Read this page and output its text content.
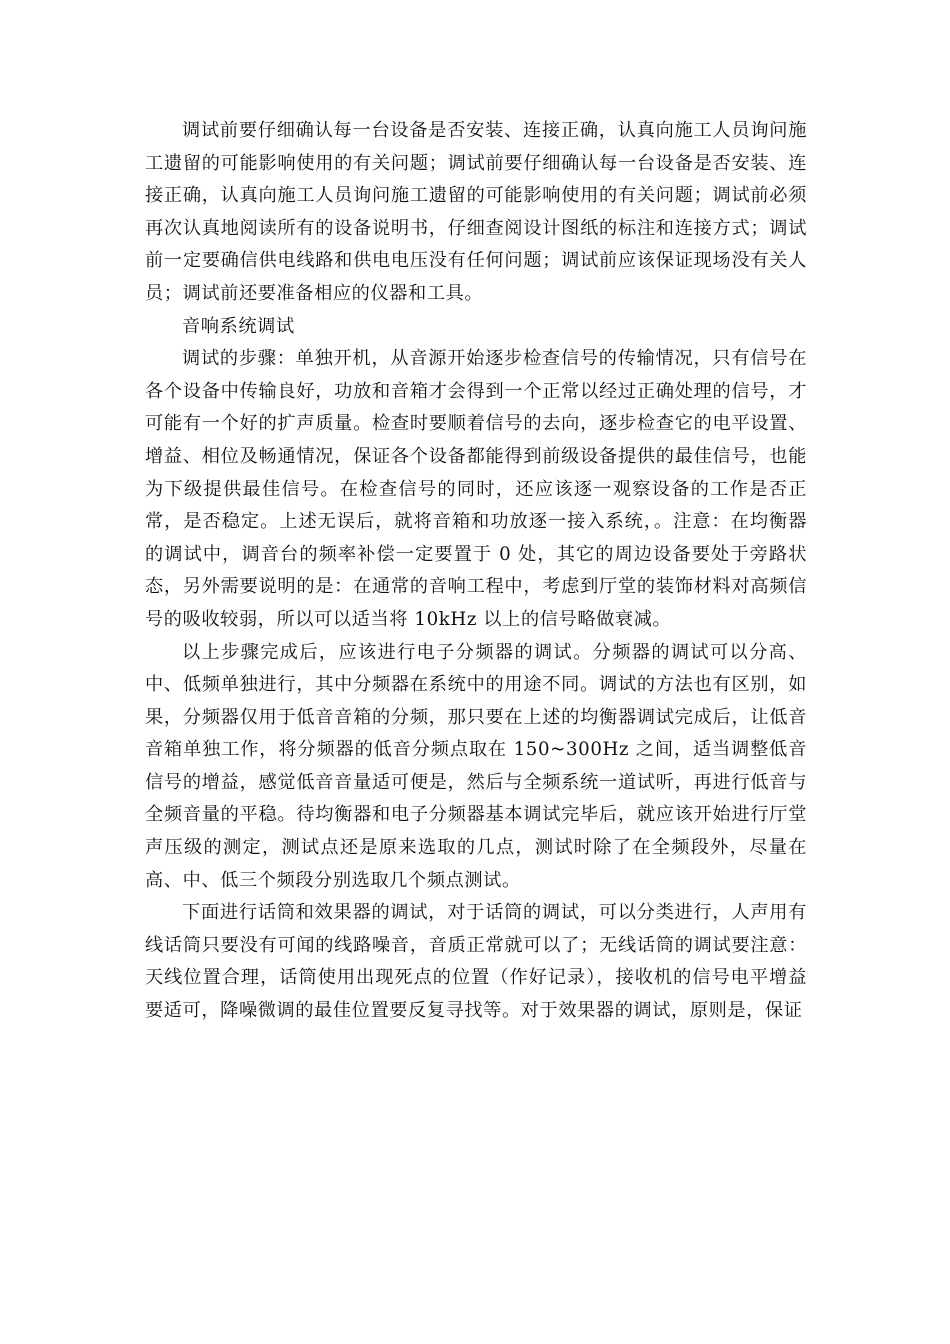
调试前要仔细确认每一台设备是否安装、连接正确，认真向施工人员询问施工遗留的可能影响使用的有关问题；调试前要仔细确认每一台设备是否安装、连接正确，认真向施工人员询问施工遗留的可能影响使用的有关问题；调试前必须再次认真地阅读所有的设备说明书，仔细查阅设计图纸的标注和连接方式；调试前一定要确信供电线路和供电电压没有任何问题；调试前应该保证现场没有关人员；调试前还要准备相应的仪器和工具。

音响系统调试

调试的步骤：单独开机，从音源开始逐步检查信号的传输情况，只有信号在各个设备中传输良好，功放和音箱才会得到一个正常以经过正确处理的信号，才可能有一个好的扩声质量。检查时要顺着信号的去向，逐步检查它的电平设置、增益、相位及畅通情况，保证各个设备都能得到前级设备提供的最佳信号，也能为下级提供最佳信号。在检查信号的同时，还应该逐一观察设备的工作是否正常，是否稳定。上述无误后，就将音箱和功放逐一接入系统，。注意：在均衡器的调试中，调音台的频率补偿一定要置于 0 处，其它的周边设备要处于旁路状态，另外需要说明的是：在通常的音响工程中，考虑到厅堂的装饰材料对高频信号的吸收较弱，所以可以适当将 10kHz 以上的信号略做衰减。

以上步骤完成后，应该进行电子分频器的调试。分频器的调试可以分高、中、低频单独进行，其中分频器在系统中的用途不同。调试的方法也有区别，如果，分频器仅用于低音音箱的分频，那只要在上述的均衡器调试完成后，让低音音箱单独工作，将分频器的低音分频点取在 150~300Hz 之间，适当调整低音信号的增益，感觉低音音量适可便是，然后与全频系统一道试听，再进行低音与全频音量的平稳。待均衡器和电子分频器基本调试完毕后，就应该开始进行厅堂声压级的测定，测试点还是原来选取的几点，测试时除了在全频段外，尽量在高、中、低三个频段分别选取几个频点测试。

下面进行话筒和效果器的调试，对于话筒的调试，可以分类进行，人声用有线话筒只要没有可闻的线路噪音，音质正常就可以了；无线话筒的调试要注意：天线位置合理，话筒使用出现死点的位置（作好记录），接收机的信号电平增益要适可，降噪微调的最佳位置要反复寻找等。对于效果器的调试，原则是，保证
